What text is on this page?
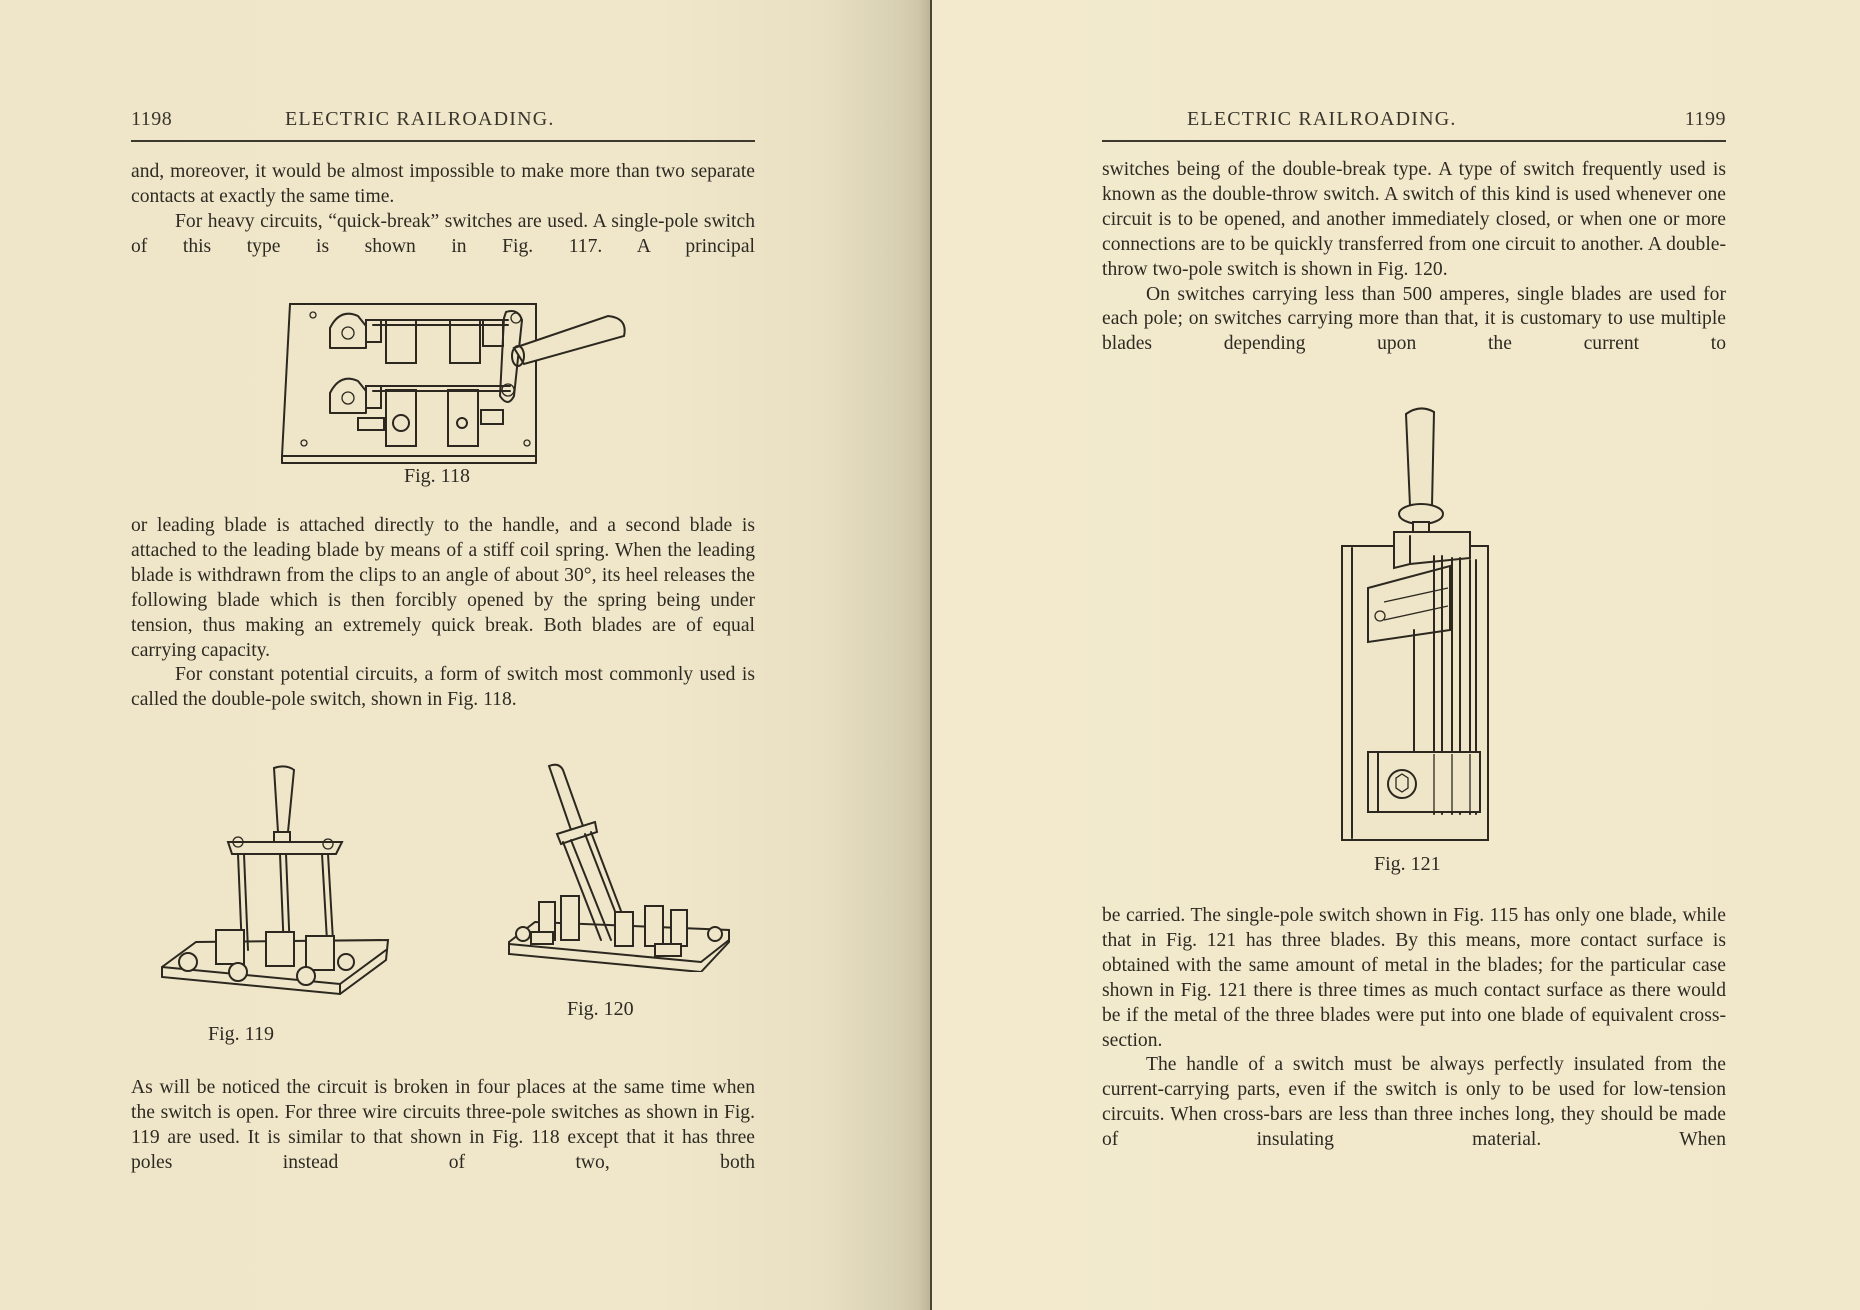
1198	ELECTRIC RAILROADING.

and, moreover, it would be almost impossible to make more than two separate contacts at exactly the same time.

For heavy circuits, “quick-break” switches are used. A single-pole switch of this type is shown in Fig. 117. A principal

Fig. 118

or leading blade is attached directly to the handle, and a second blade is attached to the leading blade by means of a stiff coil spring. When the leading blade is withdrawn from the clips to an angle of about 30°, its heel releases the following blade which is then forcibly opened by the spring being under tension, thus making an extremely quick break. Both blades are of equal carrying capacity.

For constant potential circuits, a form of switch most commonly used is called the double-pole switch, shown in Fig. 118.

Fig. 119
Fig. 120

As will be noticed the circuit is broken in four places at the same time when the switch is open. For three wire circuits three-pole switches as shown in Fig. 119 are used. It is similar to that shown in Fig. 118 except that it has three poles instead of two, both

ELECTRIC RAILROADING.	1199

switches being of the double-break type. A type of switch frequently used is known as the double-throw switch. A switch of this kind is used whenever one circuit is to be opened, and another immediately closed, or when one or more connections are to be quickly transferred from one circuit to another. A double-throw two-pole switch is shown in Fig. 120.

On switches carrying less than 500 amperes, single blades are used for each pole; on switches carrying more than that, it is customary to use multiple blades depending upon the current to

Fig. 121

be carried. The single-pole switch shown in Fig. 115 has only one blade, while that in Fig. 121 has three blades. By this means, more contact surface is obtained with the same amount of metal in the blades; for the particular case shown in Fig. 121 there is three times as much contact surface as there would be if the metal of the three blades were put into one blade of equivalent cross-section.

The handle of a switch must be always perfectly insulated from the current-carrying parts, even if the switch is only to be used for low-tension circuits. When cross-bars are less than three inches long, they should be made of insulating material. When
